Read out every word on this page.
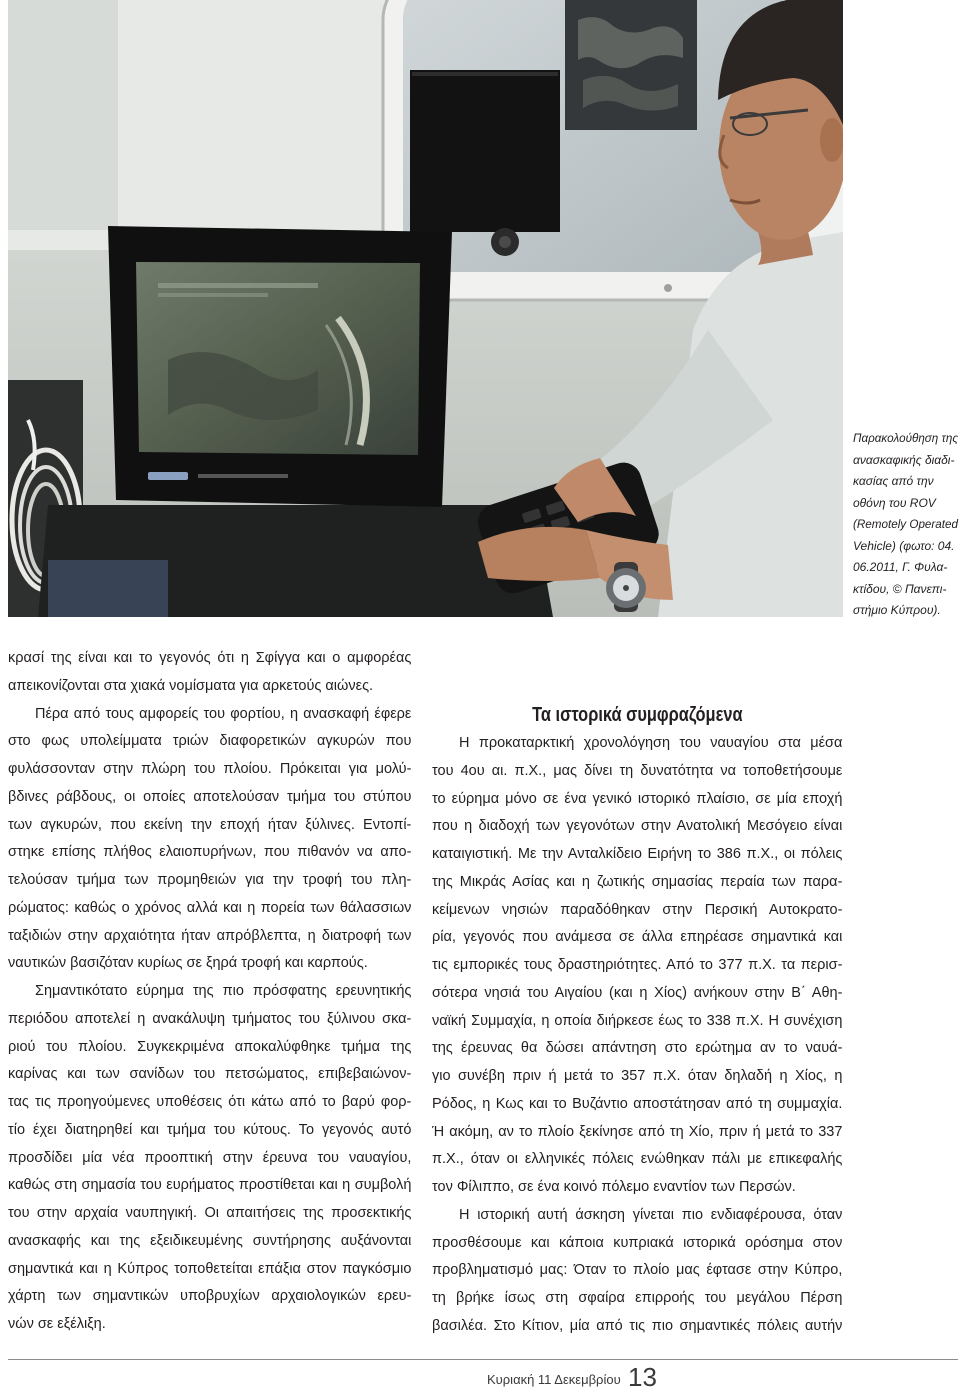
Παρακολούθηση της
ανασκαφικής διαδι-
κασίας από την
οθόνη του ROV
(Remotely Operated
Vehicle) (φωτο: 04.
06.2011, Γ. Φυλα-
κτίδου, © Πανεπι-
στήμιο Κύπρου).
κρασί της είναι και το γεγονός ότι η Σφίγγα και ο αμφορέας
απεικονίζονται στα χιακά νομίσματα για αρκετούς αιώνες.
Πέρα από τους αμφορείς του φορτίου, η ανασκαφή έφερε
στο φως υπολείμματα τριών διαφορετικών αγκυρών που
φυλάσσονταν στην πλώρη του πλοίου. Πρόκειται για μολύ-
βδινες ράβδους, οι οποίες αποτελούσαν τμήμα του στύπου
των αγκυρών, που εκείνη την εποχή ήταν ξύλινες. Εντοπί-
στηκε επίσης πλήθος ελαιοπυρήνων, που πιθανόν να απο-
τελούσαν τμήμα των προμηθειών για την τροφή του πλη-
ρώματος: καθώς ο χρόνος αλλά και η πορεία των θάλασσιων
ταξιδιών στην αρχαιότητα ήταν απρόβλεπτα, η διατροφή των
ναυτικών βασιζόταν κυρίως σε ξηρά τροφή και καρπούς.
Σημαντικότατο εύρημα της πιο πρόσφατης ερευνητικής
περιόδου αποτελεί η ανακάλυψη τμήματος του ξύλινου σκα-
ριού του πλοίου. Συγκεκριμένα αποκαλύφθηκε τμήμα της
καρίνας και των σανίδων του πετσώματος, επιβεβαιώνον-
τας τις προηγούμενες υποθέσεις ότι κάτω από το βαρύ φορ-
τίο έχει διατηρηθεί και τμήμα του κύτους. Το γεγονός αυτό
προσδίδει μία νέα προοπτική στην έρευνα του ναυαγίου,
καθώς στη σημασία του ευρήματος προστίθεται και η συμβολή
του στην αρχαία ναυπηγική. Οι απαιτήσεις της προσεκτικής
ανασκαφής και της εξειδικευμένης συντήρησης αυξάνονται
σημαντικά και η Κύπρος τοποθετείται επάξια στον παγκόσμιο
χάρτη των σημαντικών υποβρυχίων αρχαιολογικών ερευ-
νών σε εξέλιξη.
Τα ιστορικά συμφραζόμενα
Η προκαταρκτική χρονολόγηση του ναυαγίου στα μέσα
του 4ου αι. π.Χ., μας δίνει τη δυνατότητα να τοποθετήσουμε
το εύρημα μόνο σε ένα γενικό ιστορικό πλαίσιο, σε μία εποχή
που η διαδοχή των γεγονότων στην Ανατολική Μεσόγειο είναι
καταιγιστική. Με την Ανταλκίδειο Ειρήνη το 386 π.Χ., οι πόλεις
της Μικράς Ασίας και η ζωτικής σημασίας περαία των παρα-
κείμενων νησιών παραδόθηκαν στην Περσική Αυτοκρατο-
ρία, γεγονός που ανάμεσα σε άλλα επηρέασε σημαντικά και
τις εμπορικές τους δραστηριότητες. Από το 377 π.Χ. τα περισ-
σότερα νησιά του Αιγαίου (και η Χίος) ανήκουν στην Β΄ Αθη-
ναϊκή Συμμαχία, η οποία διήρκεσε έως το 338 π.Χ. Η συνέχιση
της έρευνας θα δώσει απάντηση στο ερώτημα αν το ναυά-
γιο συνέβη πριν ή μετά το 357 π.Χ. όταν δηλαδή η Χίος, η
Ρόδος, η Κως και το Βυζάντιο αποστάτησαν από τη συμμαχία.
Ή ακόμη, αν το πλοίο ξεκίνησε από τη Χίο, πριν ή μετά το 337
π.Χ., όταν οι ελληνικές πόλεις ενώθηκαν πάλι με επικεφαλής
τον Φίλιππο, σε ένα κοινό πόλεμο εναντίον των Περσών.
Η ιστορική αυτή άσκηση γίνεται πιο ενδιαφέρουσα, όταν
προσθέσουμε και κάποια κυπριακά ιστορικά ορόσημα στον
προβληματισμό μας: Όταν το πλοίο μας έφτασε στην Κύπρο,
τη βρήκε ίσως στη σφαίρα επιρροής του μεγάλου Πέρση
βασιλέα. Στο Κίτιον, μία από τις πιο σημαντικές πόλεις αυτήν
Κυριακή 11 Δεκεμβρίου 13
